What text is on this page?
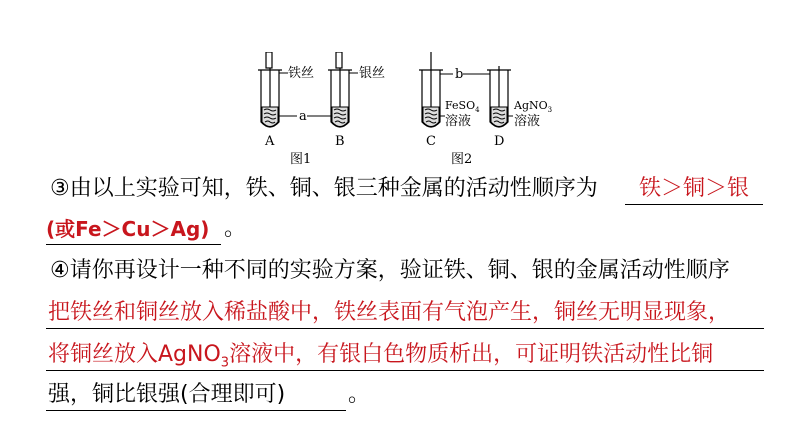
铁丝	银丝
a
b
FeSO$_4$
溶液
AgNO$_3$
溶液
A	B	C	D
图1	图2
③由以上实验可知，铁、铜、银三种金属的活动性顺序为 铁＞铜＞银
(或Fe＞Cu＞Ag) 。
④请你再设计一种不同的实验方案，验证铁、铜、银的金属活动性顺序
把铁丝和铜丝放入稀盐酸中，铁丝表面有气泡产生，铜丝无明显现象，
将铜丝放入AgNO$_3$溶液中，有银白色物质析出，可证明铁活动性比铜
强，铜比银强(合理即可)	。
